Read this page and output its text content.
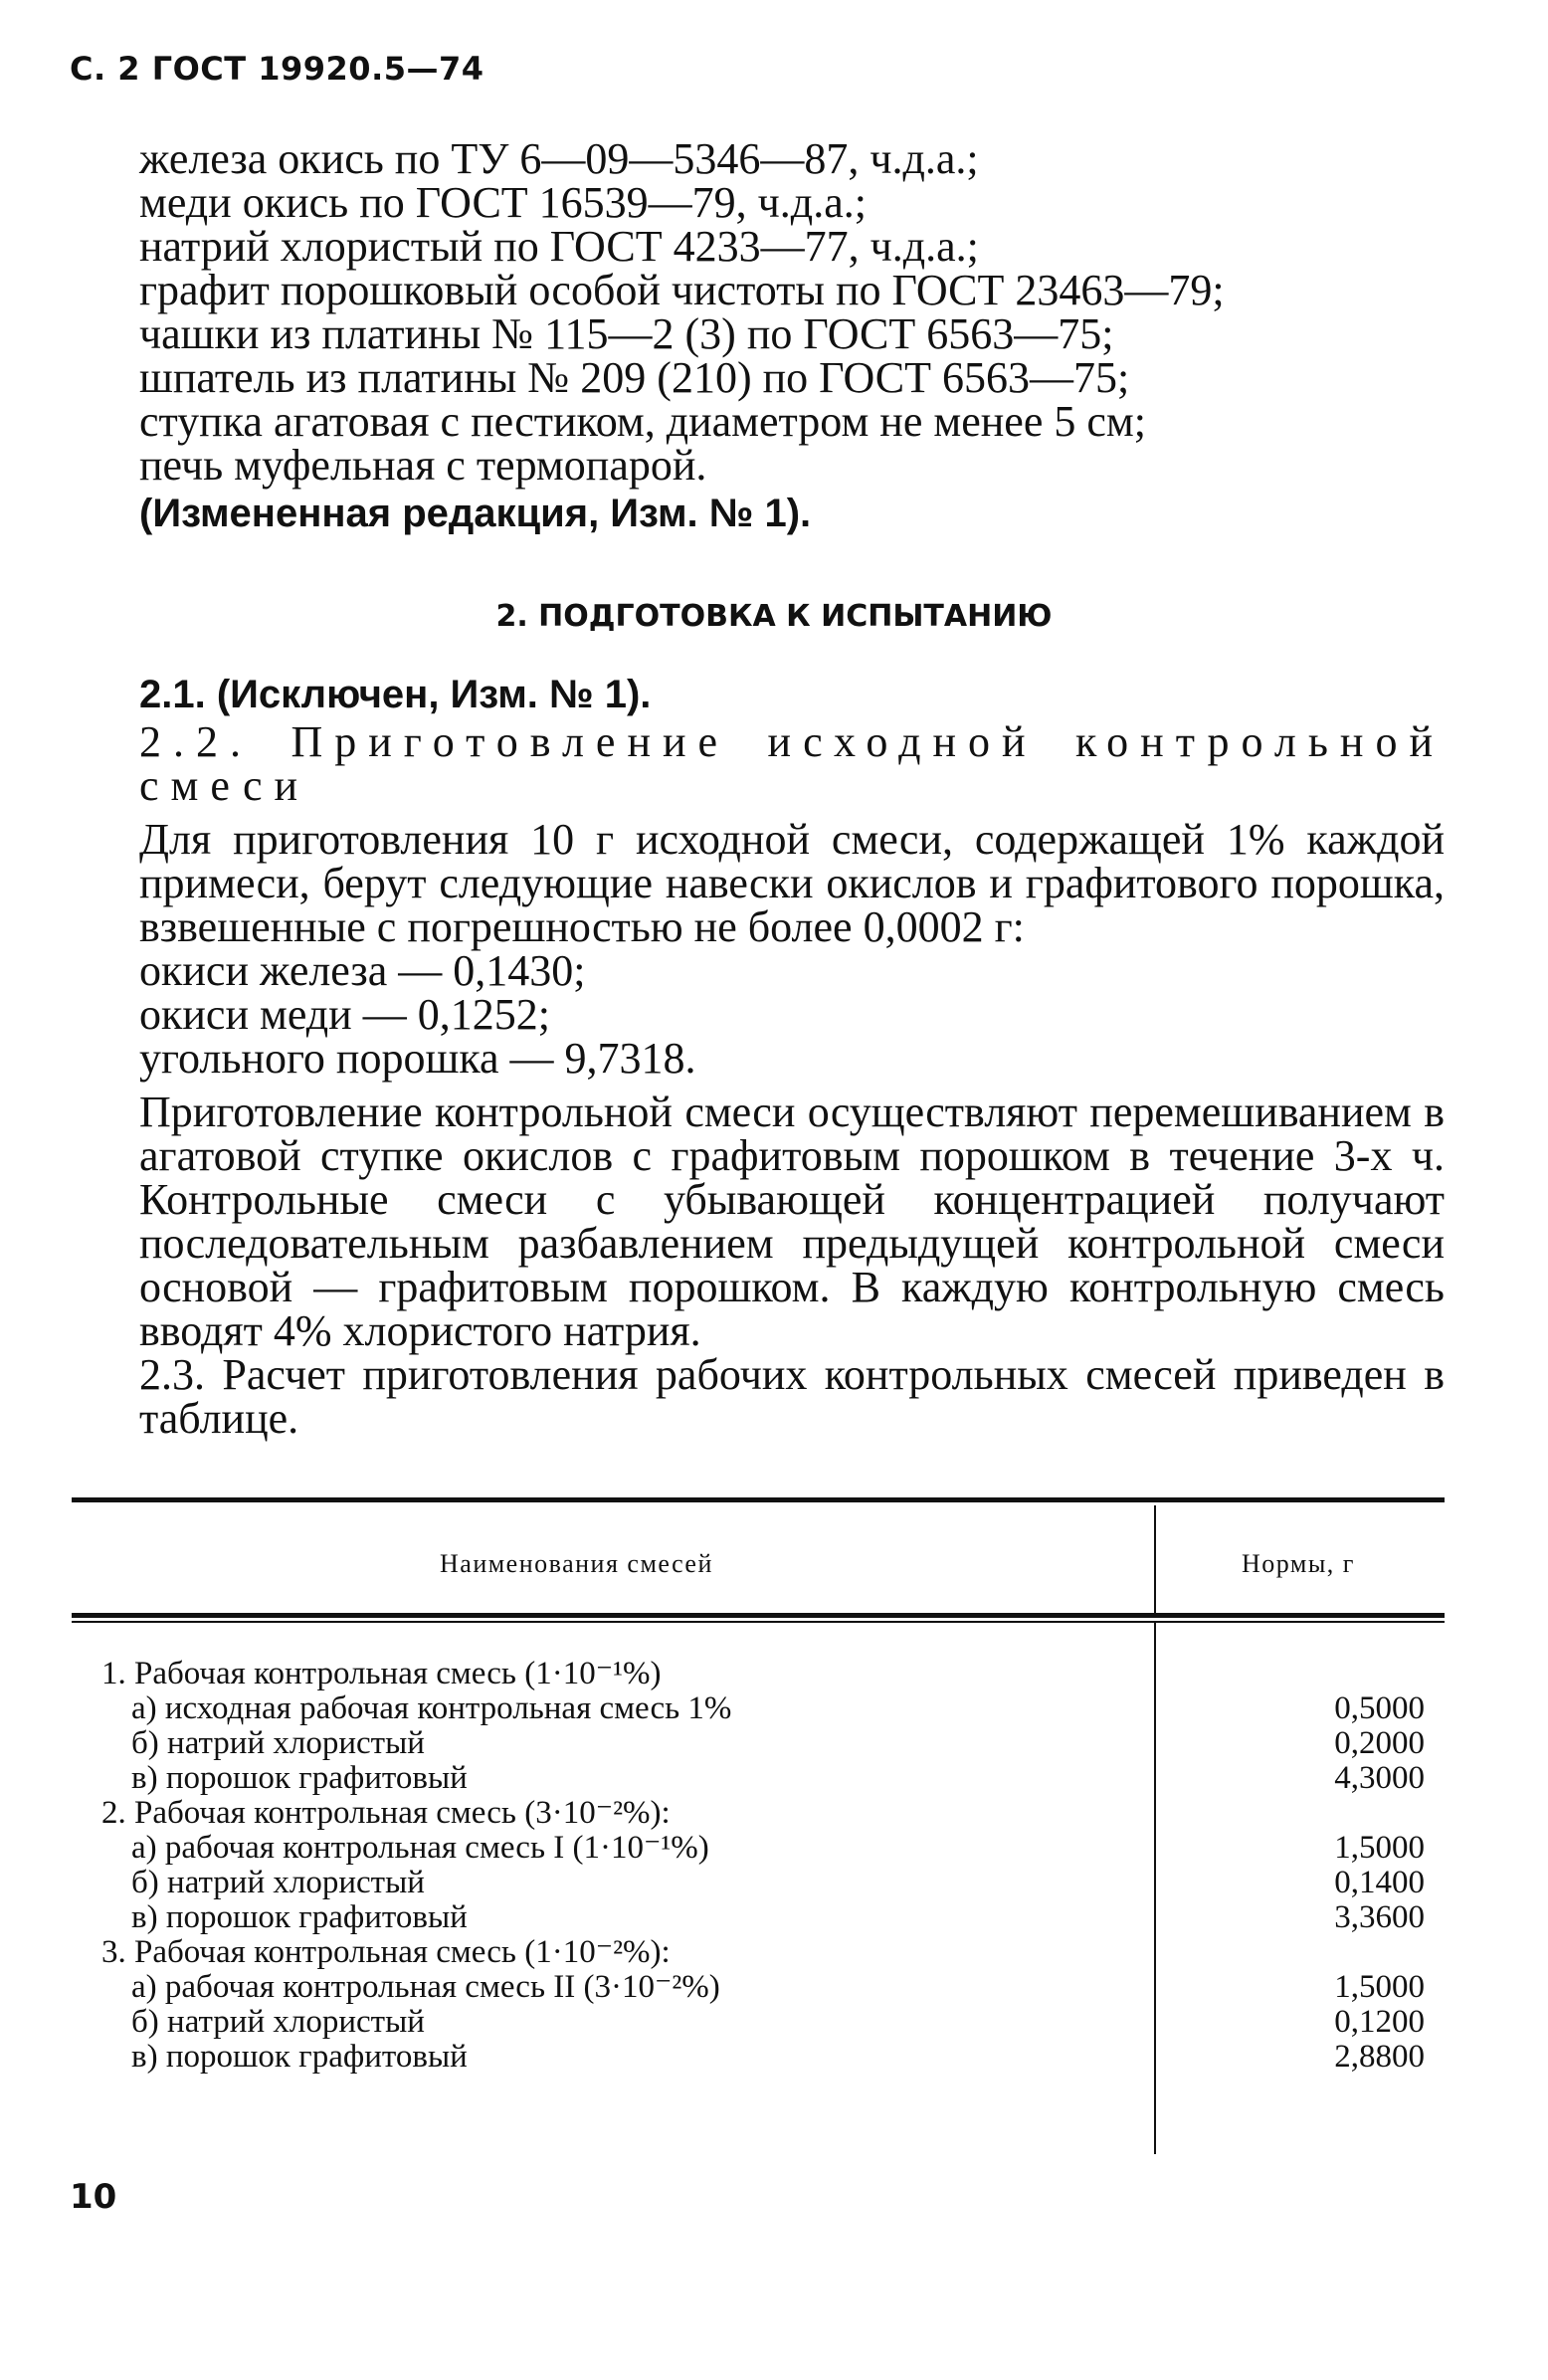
С. 2 ГОСТ 19920.5—74
железа окись по ТУ 6—09—5346—87, ч.д.а.;
меди окись по ГОСТ 16539—79, ч.д.а.;
натрий хлористый по ГОСТ 4233—77, ч.д.а.;
графит порошковый особой чистоты по ГОСТ 23463—79;
чашки из платины № 115—2 (3) по ГОСТ 6563—75;
шпатель из платины № 209 (210) по ГОСТ 6563—75;
ступка агатовая с пестиком, диаметром не менее 5 см;
печь муфельная с термопарой.
(Измененная редакция, Изм. № 1).
2. ПОДГОТОВКА К ИСПЫТАНИЮ
2.1. (Исключен, Изм. № 1).
2.2. Приготовление исходной контрольной смеси
Для приготовления 10 г исходной смеси, содержащей 1% каждой примеси, берут следующие навески окислов и графитового порошка, взвешенные с погрешностью не более 0,0002 г:
окиси железа — 0,1430;
окиси меди — 0,1252;
угольного порошка — 9,7318.
Приготовление контрольной смеси осуществляют перемешиванием в агатовой ступке окислов с графитовым порошком в течение 3-х ч. Контрольные смеси с убывающей концентрацией получают последовательным разбавлением предыдущей контрольной смеси основой — графитовым порошком. В каждую контрольную смесь вводят 4% хлористого натрия.
2.3. Расчет приготовления рабочих контрольных смесей приведен в таблице.
Наименования смесей	Нормы, г
1. Рабочая контрольная смесь (1·10⁻¹%)
а) исходная рабочая контрольная смесь 1%	0,5000
б) натрий хлористый	0,2000
в) порошок графитовый	4,3000
2. Рабочая контрольная смесь (3·10⁻²%):
а) рабочая контрольная смесь I (1·10⁻¹%)	1,5000
б) натрий хлористый	0,1400
в) порошок графитовый	3,3600
3. Рабочая контрольная смесь (1·10⁻²%):
а) рабочая контрольная смесь II (3·10⁻²%)	1,5000
б) натрий хлористый	0,1200
в) порошок графитовый	2,8800
10
